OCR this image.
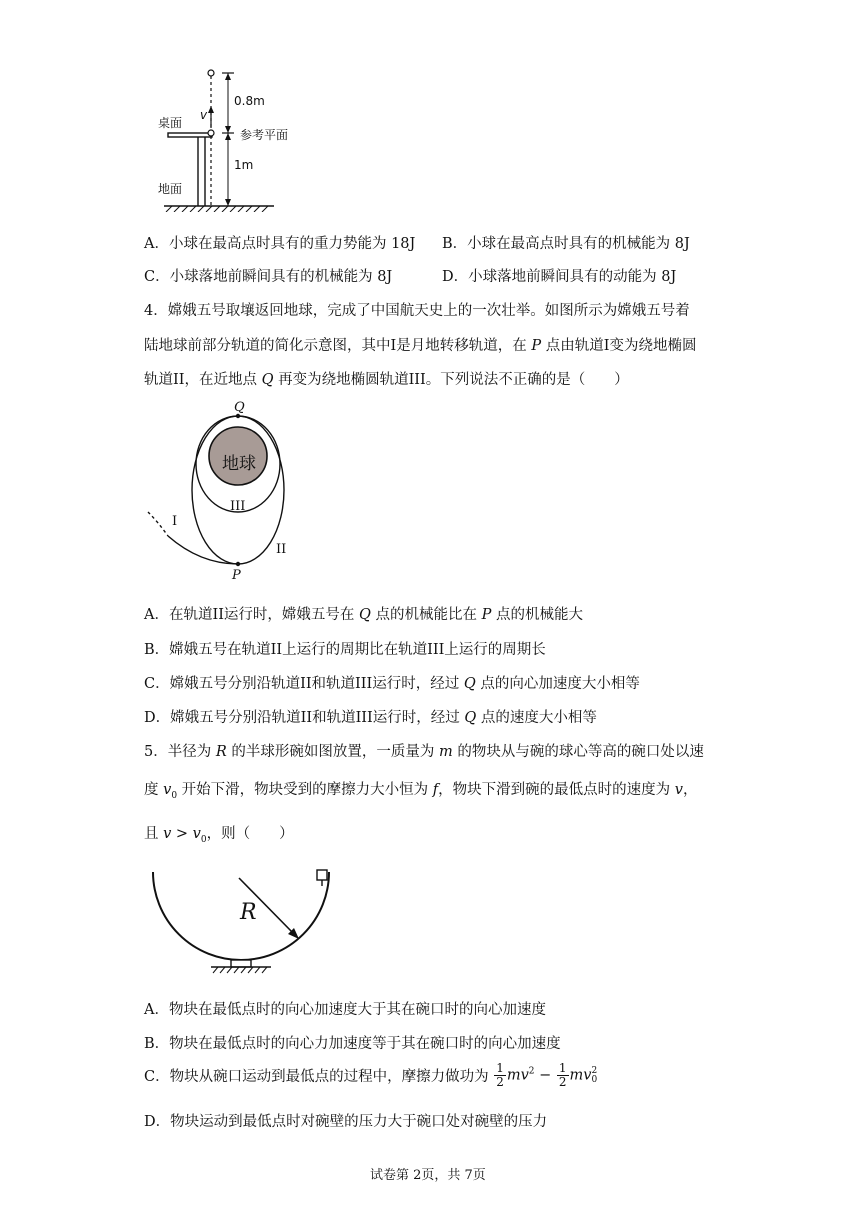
0.8m
1m
桌面
地面
参考平面
v
A．小球在最高点时具有的重力势能为 18J B．小球在最高点时具有的机械能为 8J
C．小球落地前瞬间具有的机械能为 8J	D．小球落地前瞬间具有的动能为 8J
4．嫦娥五号取壤返回地球，完成了中国航天史上的一次壮举。如图所示为嫦娥五号着
陆地球前部分轨道的简化示意图，其中I是月地转移轨道，在 P 点由轨道I变为绕地椭圆
轨道II，在近地点 Q 再变为绕地椭圆轨道III。下列说法不正确的是（　　）
地球
Q
P
I
II
III
A．在轨道II运行时，嫦娥五号在 Q 点的机械能比在 P 点的机械能大
B．嫦娥五号在轨道II上运行的周期比在轨道III上运行的周期长
C．嫦娥五号分别沿轨道II和轨道III运行时，经过 Q 点的向心加速度大小相等
D．嫦娥五号分别沿轨道II和轨道III运行时，经过 Q 点的速度大小相等
5．半径为 R 的半球形碗如图放置，一质量为 m 的物块从与碗的球心等高的碗口处以速
度 $v_0$ 开始下滑，物块受到的摩擦力大小恒为 f，物块下滑到碗的最低点时的速度为 v，
且 $v > v_0$，则（　　）
R
A．物块在最低点时的向心加速度大于其在碗口时的向心加速度
B．物块在最低点时的向心力加速度等于其在碗口时的向心加速度
C．物块从碗口运动到最低点的过程中，摩擦力做功为 $\frac{1}{2} mv^2 - \frac{1}{2}$ mv 2
0
D．物块运动到最低点时对碗壁的压力大于碗口处对碗壁的压力
试卷第 2页，共 7页
